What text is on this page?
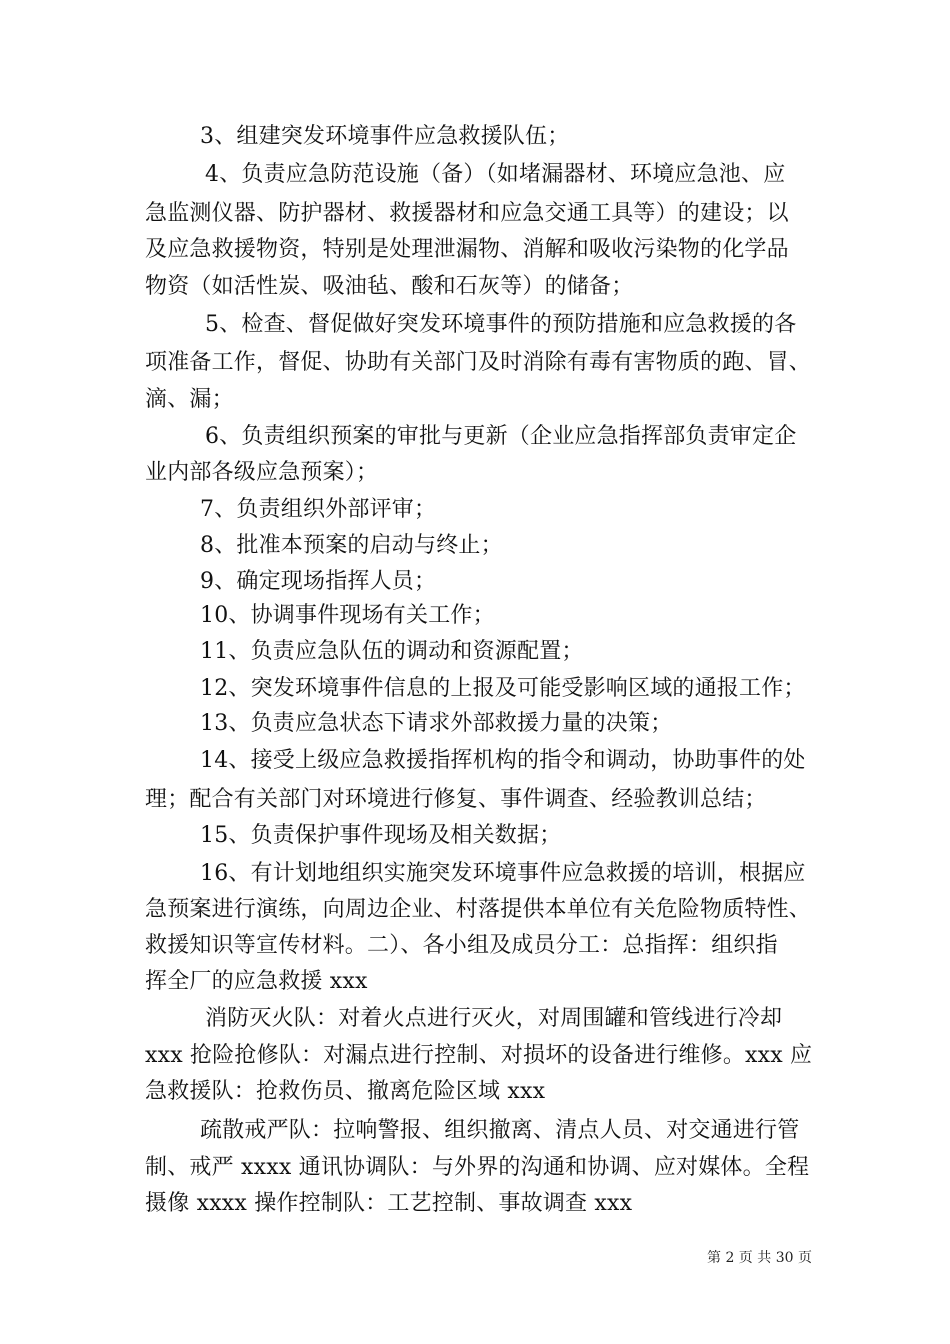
3、组建突发环境事件应急救援队伍；
4、负责应急防范设施（备）（如堵漏器材、环境应急池、应
急监测仪器、防护器材、救援器材和应急交通工具等）的建设；以
及应急救援物资，特别是处理泄漏物、消解和吸收污染物的化学品
物资（如活性炭、吸油毡、酸和石灰等）的储备；
5、检查、督促做好突发环境事件的预防措施和应急救援的各
项准备工作，督促、协助有关部门及时消除有毒有害物质的跑、冒、
滴、漏；
6、负责组织预案的审批与更新（企业应急指挥部负责审定企
业内部各级应急预案）；
7、负责组织外部评审；
8、批准本预案的启动与终止；
9、确定现场指挥人员；
10、协调事件现场有关工作；
11、负责应急队伍的调动和资源配置；
12、突发环境事件信息的上报及可能受影响区域的通报工作；
13、负责应急状态下请求外部救援力量的决策；
14、接受上级应急救援指挥机构的指令和调动，协助事件的处
理；配合有关部门对环境进行修复、事件调查、经验教训总结；
15、负责保护事件现场及相关数据；
16、有计划地组织实施突发环境事件应急救援的培训，根据应
急预案进行演练，向周边企业、村落提供本单位有关危险物质特性、
救援知识等宣传材料。二）、各小组及成员分工：总指挥：组织指
挥全厂的应急救援 xxx
消防灭火队：对着火点进行灭火，对周围罐和管线进行冷却
xxx 抢险抢修队：对漏点进行控制、对损坏的设备进行维修。xxx 应
急救援队：抢救伤员、撤离危险区域 xxx
疏散戒严队：拉响警报、组织撤离、清点人员、对交通进行管
制、戒严 xxxx 通讯协调队：与外界的沟通和协调、应对媒体。全程
摄像 xxxx 操作控制队：工艺控制、事故调查 xxx
第 2 页 共 30 页
